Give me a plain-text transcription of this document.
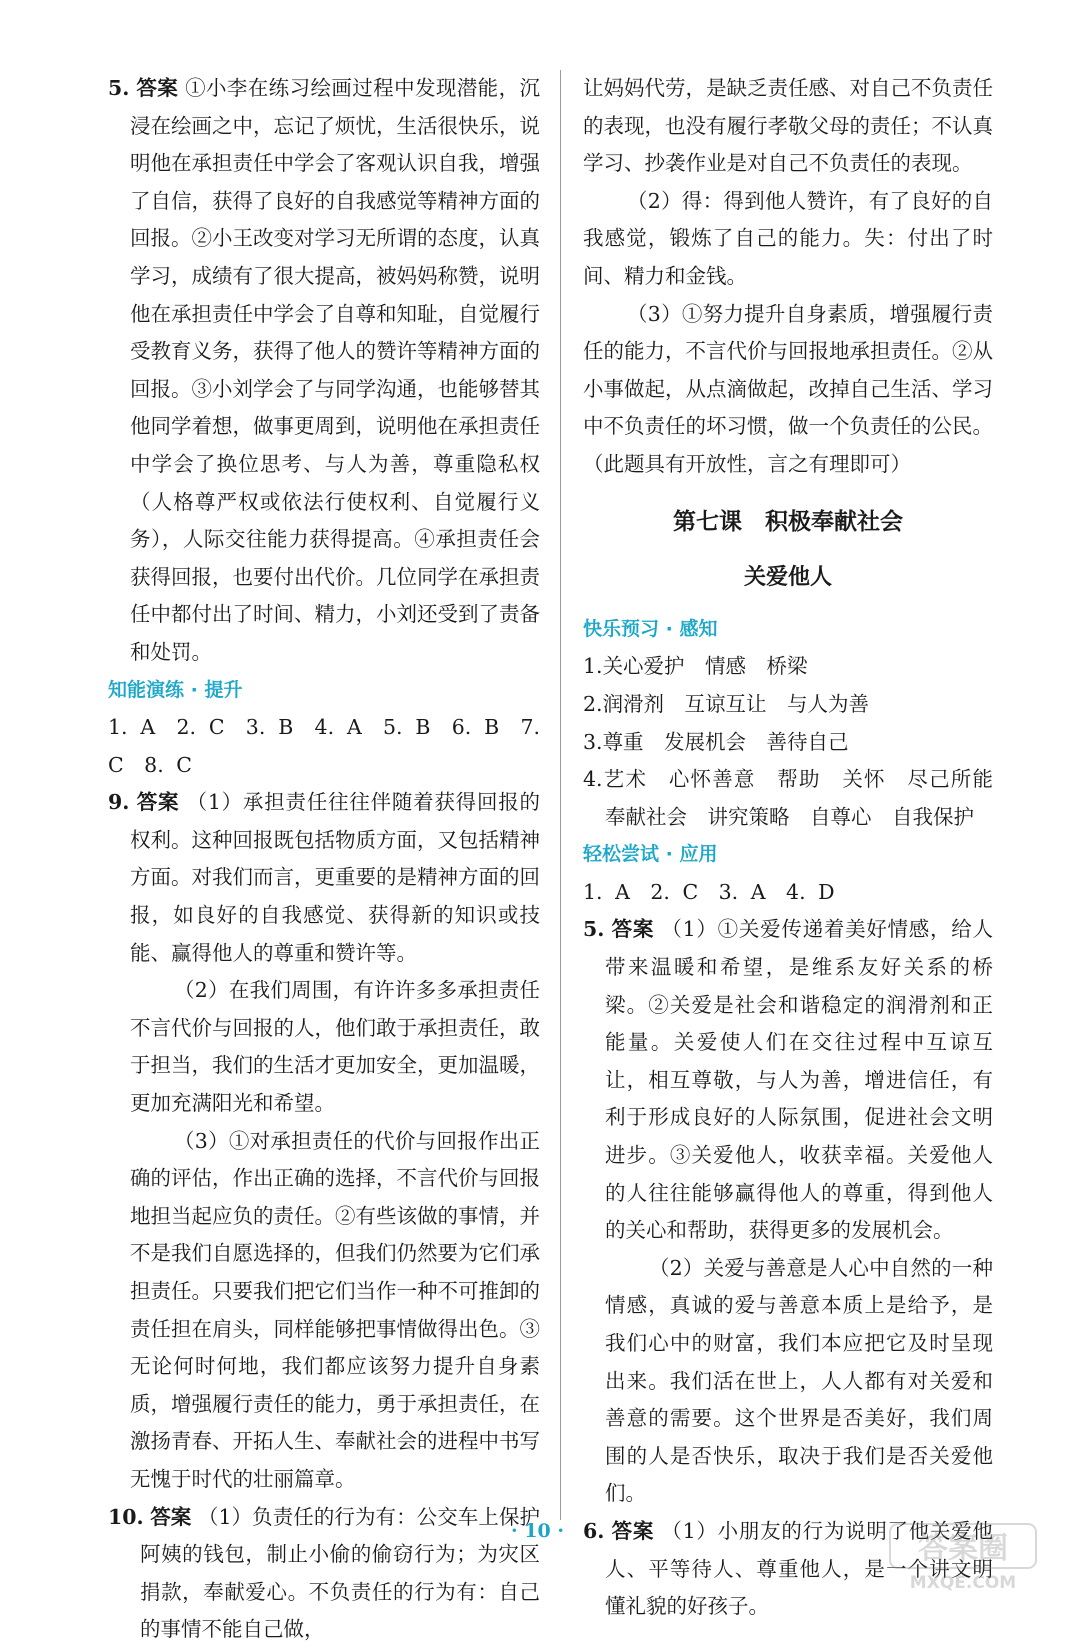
5. 答案 ①小李在练习绘画过程中发现潜能，沉浸在绘画之中，忘记了烦忧，生活很快乐，说明他在承担责任中学会了客观认识自我，增强了自信，获得了良好的自我感觉等精神方面的回报。②小王改变对学习无所谓的态度，认真学习，成绩有了很大提高，被妈妈称赞，说明他在承担责任中学会了自尊和知耻，自觉履行受教育义务，获得了他人的赞许等精神方面的回报。③小刘学会了与同学沟通，也能够替其他同学着想，做事更周到，说明他在承担责任中学会了换位思考、与人为善，尊重隐私权（人格尊严权或依法行使权利、自觉履行义务），人际交往能力获得提高。④承担责任会获得回报，也要付出代价。几位同学在承担责任中都付出了时间、精力，小刘还受到了责备和处罚。

知能演练 · 提升

1. A　2. C　3. B　4. A　5. B　6. B　7. C　8. C

9. 答案 （1）承担责任往往伴随着获得回报的权利。这种回报既包括物质方面，又包括精神方面。对我们而言，更重要的是精神方面的回报，如良好的自我感觉、获得新的知识或技能、赢得他人的尊重和赞许等。

（2）在我们周围，有许许多多承担责任不言代价与回报的人，他们敢于承担责任，敢于担当，我们的生活才更加安全，更加温暖，更加充满阳光和希望。

（3）①对承担责任的代价与回报作出正确的评估，作出正确的选择，不言代价与回报地担当起应负的责任。②有些该做的事情，并不是我们自愿选择的，但我们仍然要为它们承担责任。只要我们把它们当作一种不可推卸的责任担在肩头，同样能够把事情做得出色。③无论何时何地，我们都应该努力提升自身素质，增强履行责任的能力，勇于承担责任，在激扬青春、开拓人生、奉献社会的进程中书写无愧于时代的壮丽篇章。

10. 答案 （1）负责任的行为有：公交车上保护阿姨的钱包，制止小偷的偷窃行为；为灾区捐款，奉献爱心。不负责任的行为有：自己的事情不能自己做，

让妈妈代劳，是缺乏责任感、对自己不负责任的表现，也没有履行孝敬父母的责任；不认真学习、抄袭作业是对自己不负责任的表现。

（2）得：得到他人赞许，有了良好的自我感觉，锻炼了自己的能力。失：付出了时间、精力和金钱。

（3）①努力提升自身素质，增强履行责任的能力，不言代价与回报地承担责任。②从小事做起，从点滴做起，改掉自己生活、学习中不负责任的坏习惯，做一个负责任的公民。（此题具有开放性，言之有理即可）

第七课　积极奉献社会

关爱他人

快乐预习 · 感知

1.关心爱护　情感　桥梁

2.润滑剂　互谅互让　与人为善

3.尊重　发展机会　善待自己

4.艺术　心怀善意　帮助　关怀　尽己所能　奉献社会　讲究策略　自尊心　自我保护

轻松尝试 · 应用

1. A　2. C　3. A　4. D

5. 答案 （1）①关爱传递着美好情感，给人带来温暖和希望，是维系友好关系的桥梁。②关爱是社会和谐稳定的润滑剂和正能量。关爱使人们在交往过程中互谅互让，相互尊敬，与人为善，增进信任，有利于形成良好的人际氛围，促进社会文明进步。③关爱他人，收获幸福。关爱他人的人往往能够赢得他人的尊重，得到他人的关心和帮助，获得更多的发展机会。

（2）关爱与善意是人心中自然的一种情感，真诚的爱与善意本质上是给予，是我们心中的财富，我们本应把它及时呈现出来。我们活在世上，人人都有对关爱和善意的需要。这个世界是否美好，我们周围的人是否快乐，取决于我们是否关爱他们。

6. 答案 （1）小朋友的行为说明了他关爱他人、平等待人、尊重他人，是一个讲文明懂礼貌的好孩子。

· 10 ·	答案圈
MXQE.COM
